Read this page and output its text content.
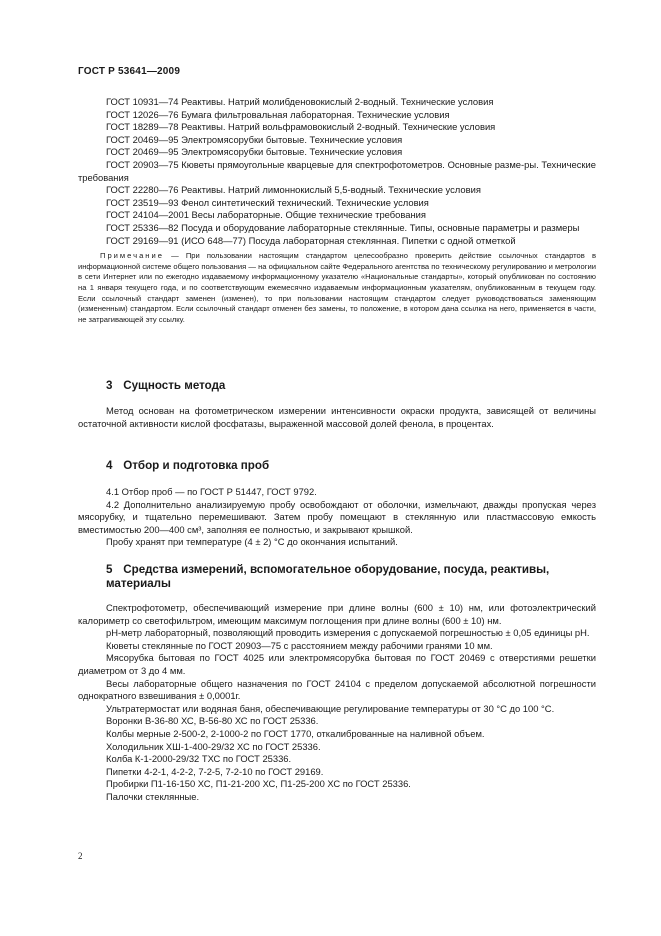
ГОСТ Р 53641—2009

ГОСТ 10931—74 Реактивы. Натрий молибденовокислый 2-водный. Технические условия

ГОСТ 12026—76 Бумага фильтровальная лабораторная. Технические условия

ГОСТ 18289—78 Реактивы. Натрий вольфрамовокислый 2-водный. Технические условия

ГОСТ 20469—95 Электромясорубки бытовые. Технические условия

ГОСТ 20469—95 Электромясорубки бытовые. Технические условия

ГОСТ 20903—75 Кюветы прямоугольные кварцевые для спектрофотометров. Основные разме-ры. Технические требования

ГОСТ 22280—76 Реактивы. Натрий лимоннокислый 5,5-водный. Технические условия

ГОСТ 23519—93 Фенол синтетический технический. Технические условия

ГОСТ 24104—2001 Весы лабораторные. Общие технические требования

ГОСТ 25336—82 Посуда и оборудование лабораторные стеклянные. Типы, основные параметры и размеры

ГОСТ 29169—91 (ИСО 648—77) Посуда лабораторная стеклянная. Пипетки с одной отметкой

Примечание — При пользовании настоящим стандартом целесообразно проверить действие ссылочных стандартов в информационной системе общего пользования — на официальном сайте Федерального агентства по техническому регулированию и метрологии в сети Интернет или по ежегодно издаваемому информационному указателю «Национальные стандарты», который опубликован по состоянию на 1 января текущего года, и по соответствующим ежемесячно издаваемым информационным указателям, опубликованным в текущем году. Если ссылочный стандарт заменен (изменен), то при пользовании настоящим стандартом следует руководствоваться заменяющим (измененным) стандартом. Если ссылочный стандарт отменен без замены, то положение, в котором дана ссылка на него, применяется в части, не затрагивающей эту ссылку.

3 Сущность метода

Метод основан на фотометрическом измерении интенсивности окраски продукта, зависящей от величины остаточной активности кислой фосфатазы, выраженной массовой долей фенола, в процентах.

4 Отбор и подготовка проб

4.1 Отбор проб — по ГОСТ Р 51447, ГОСТ 9792.

4.2 Дополнительно анализируемую пробу освобождают от оболочки, измельчают, дважды пропуская через мясорубку, и тщательно перемешивают. Затем пробу помещают в стеклянную или пластмассовую емкость вместимостью 200—400 см³, заполняя ее полностью, и закрывают крышкой.

Пробу хранят при температуре (4 ± 2) °С до окончания испытаний.

5 Средства измерений, вспомогательное оборудование, посуда, реактивы, материалы

Спектрофотометр, обеспечивающий измерение при длине волны (600 ± 10) нм, или фотоэлектрический калориметр со светофильтром, имеющим максимум поглощения при длине волны (600 ± 10) нм.

рН-метр лабораторный, позволяющий проводить измерения с допускаемой погрешностью ± 0,05 единицы рН.

Кюветы стеклянные по ГОСТ 20903—75 с расстоянием между рабочими гранями 10 мм.

Мясорубка бытовая по ГОСТ 4025 или электромясорубка бытовая по ГОСТ 20469 с отверстиями решетки диаметром от 3 до 4 мм.

Весы лабораторные общего назначения по ГОСТ 24104 с пределом допускаемой абсолютной погрешности однократного взвешивания ± 0,0001г.

Ультратермостат или водяная баня, обеспечивающие регулирование температуры от 30 °С до 100 °С.

Воронки В-36-80 ХС, В-56-80 ХС по ГОСТ 25336.

Колбы мерные 2-500-2, 2-1000-2 по ГОСТ 1770, откалиброванные на наливной объем.

Холодильник ХШ-1-400-29/32 ХС по ГОСТ 25336.

Колба К-1-2000-29/32 ТХС по ГОСТ 25336.

Пипетки 4-2-1, 4-2-2, 7-2-5, 7-2-10 по ГОСТ 29169.

Пробирки П1-16-150 ХС, П1-21-200 ХС, П1-25-200 ХС по ГОСТ 25336.

Палочки стеклянные.

2
